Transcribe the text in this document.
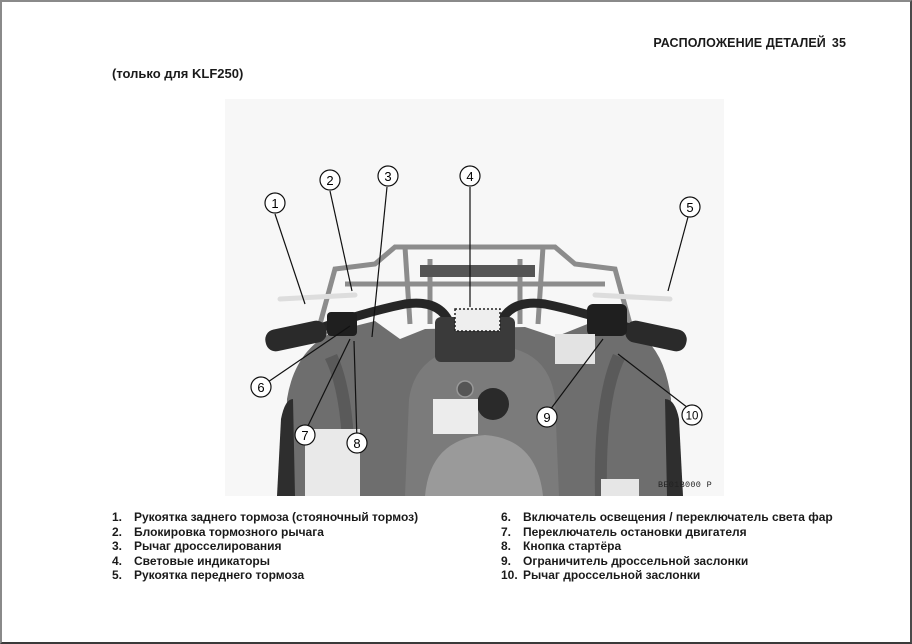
РАСПОЛОЖЕНИЕ ДЕТАЛЕЙ 35
(только для KLF250)
1
2	3	4
5
6
7
8
9	10
BE01B000 P
1. Рукоятка заднего тормоза (стояночный тормоз)
2. Блокировка тормозного рычага
3. Рычаг дросселирования
4. Световые индикаторы
5. Рукоятка переднего тормоза
6. Включатель освещения / переключатель света фар
7. Переключатель остановки двигателя
8. Кнопка стартёра
9. Ограничитель дроссельной заслонки
10. Рычаг дроссельной заслонки
